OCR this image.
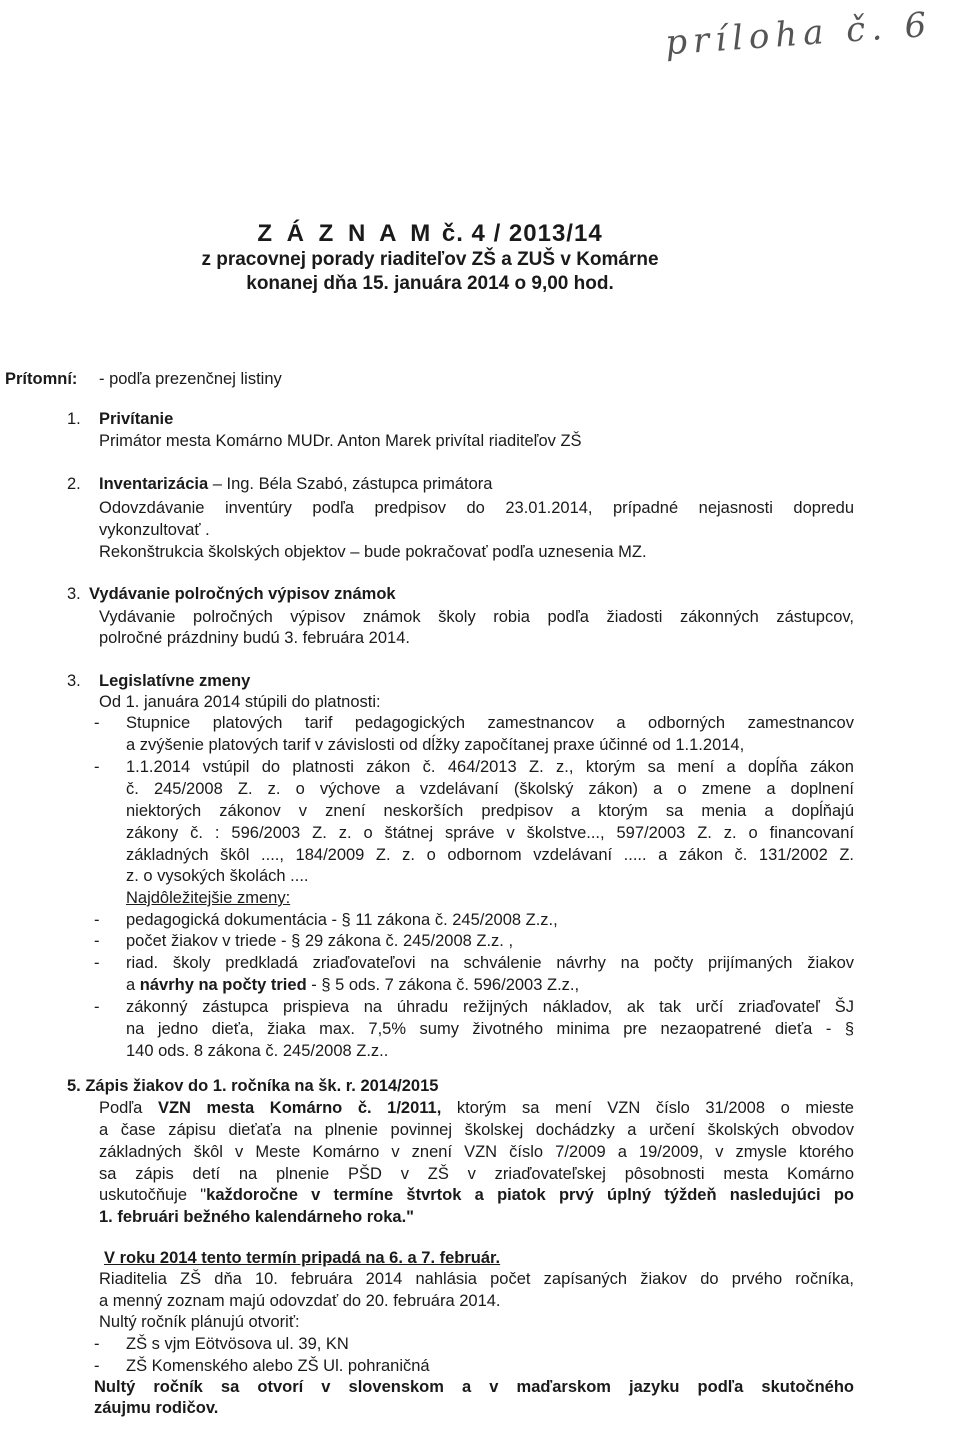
príloha č. 6
Z Á Z N A M č. 4 / 2013/14
z pracovnej porady riaditeľov ZŠ a ZUŠ v Komárne
konanej dňa 15. januára 2014 o 9,00 hod.
Prítomní: - podľa prezenčnej listiny
1. Privítanie
Primátor mesta Komárno MUDr. Anton Marek privítal riaditeľov ZŠ
2. Inventarizácia – Ing. Béla Szabó, zástupca primátora
Odovzdávanie inventúry podľa predpisov do 23.01.2014, prípadné nejasnosti dopredu
vykonzultovať .
Rekonštrukcia školských objektov – bude pokračovať podľa uznesenia MZ.
3. Vydávanie polročných výpisov známok
Vydávanie polročných výpisov známok školy robia podľa žiadosti zákonných zástupcov,
polročné prázdniny budú 3. februára 2014.
3. Legislatívne zmeny
Od 1. januára 2014 stúpili do platnosti:
- Stupnice platových tarif pedagogických zamestnancov a odborných zamestnancov
a zvýšenie platových tarif v závislosti od dĺžky započítanej praxe účinné od 1.1.2014,
- 1.1.2014 vstúpil do platnosti zákon č. 464/2013 Z. z., ktorým sa mení a dopĺňa zákon
č. 245/2008 Z. z. o výchove a vzdelávaní (školský zákon) a o zmene a doplnení
niektorých zákonov v znení neskorších predpisov a ktorým sa menia a dopĺňajú
zákony č. : 596/2003 Z. z. o štátnej správe v školstve..., 597/2003 Z. z. o financovaní
základných škôl ...., 184/2009 Z. z. o odbornom vzdelávaní ..... a zákon č. 131/2002 Z.
z. o vysokých školách ....
Najdôležitejšie zmeny:
- pedagogická dokumentácia - § 11 zákona č. 245/2008 Z.z.,
- počet žiakov v triede - § 29 zákona č. 245/2008 Z.z. ,
- riad. školy predkladá zriaďovateľovi na schválenie návrhy na počty prijímaných žiakov
a návrhy na počty tried - § 5 ods. 7 zákona č. 596/2003 Z.z.,
- zákonný zástupca prispieva na úhradu režijných nákladov, ak tak určí zriaďovateľ ŠJ
na jedno dieťa, žiaka max. 7,5% sumy životného minima pre nezaopatrené dieťa - §
140 ods. 8 zákona č. 245/2008 Z.z..
5. Zápis žiakov do 1. ročníka na šk. r. 2014/2015
Podľa VZN mesta Komárno č. 1/2011, ktorým sa mení VZN číslo 31/2008 o mieste
a čase zápisu dieťaťa na plnenie povinnej školskej dochádzky a určení školských obvodov
základných škôl v Meste Komárno v znení VZN číslo 7/2009 a 19/2009, v zmysle ktorého
sa zápis detí na plnenie PŠD v ZŠ v zriaďovateľskej pôsobnosti mesta Komárno
uskutočňuje "každoročne v termíne štvrtok a piatok prvý úplný týždeň nasledujúci po
1. februári bežného kalendárneho roka."
V roku 2014 tento termín pripadá na 6. a 7. február.
Riaditelia ZŠ dňa 10. februára 2014 nahlásia počet zapísaných žiakov do prvého ročníka,
a menný zoznam majú odovzdať do 20. februára 2014.
Nultý ročník plánujú otvoriť:
- ZŠ s vjm Eötvösova ul. 39, KN
- ZŠ Komenského alebo ZŠ Ul. pohraničná
Nultý ročník sa otvorí v slovenskom a v maďarskom jazyku podľa skutočného
záujmu rodičov.
